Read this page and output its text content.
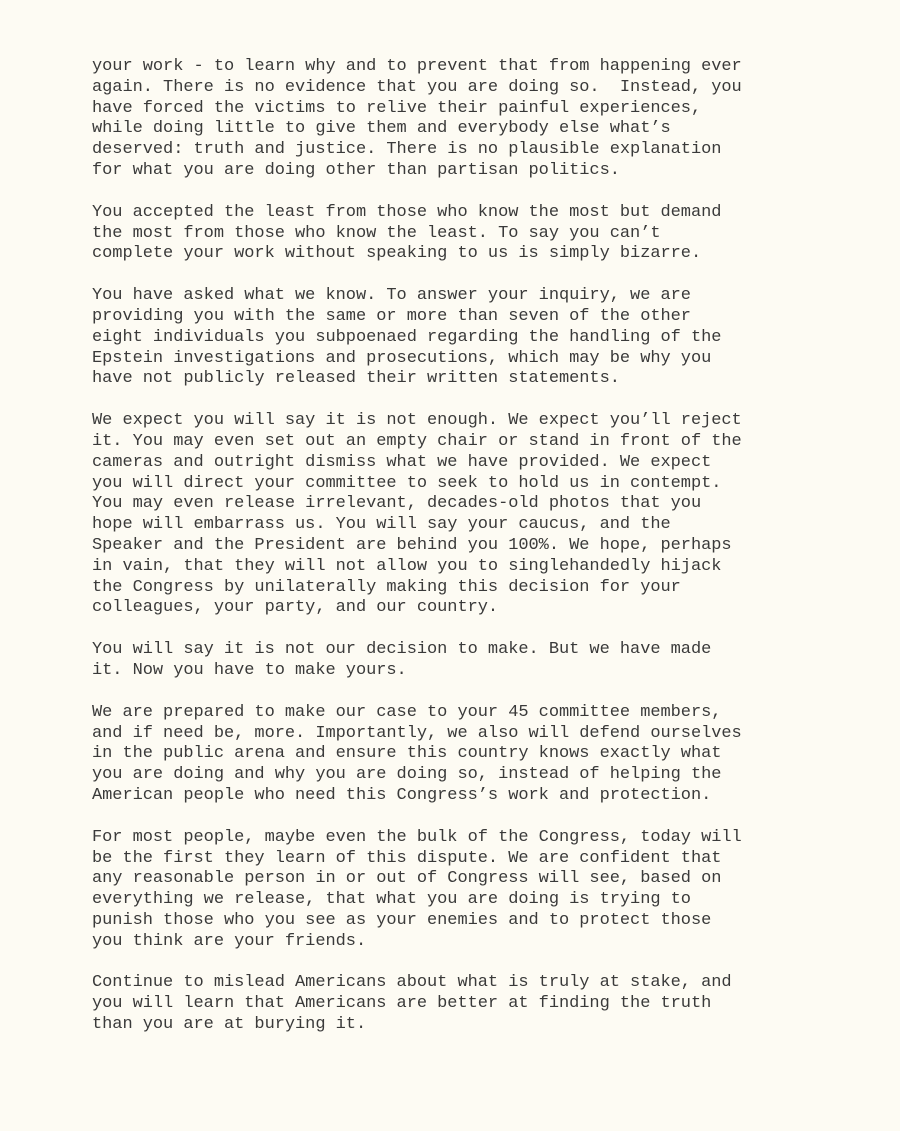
your work - to learn why and to prevent that from happening ever
again. There is no evidence that you are doing so.  Instead, you
have forced the victims to relive their painful experiences,
while doing little to give them and everybody else what’s
deserved: truth and justice. There is no plausible explanation
for what you are doing other than partisan politics.
You accepted the least from those who know the most but demand
the most from those who know the least. To say you can’t
complete your work without speaking to us is simply bizarre.
You have asked what we know. To answer your inquiry, we are
providing you with the same or more than seven of the other
eight individuals you subpoenaed regarding the handling of the
Epstein investigations and prosecutions, which may be why you
have not publicly released their written statements.
We expect you will say it is not enough. We expect you’ll reject
it. You may even set out an empty chair or stand in front of the
cameras and outright dismiss what we have provided. We expect
you will direct your committee to seek to hold us in contempt.
You may even release irrelevant, decades-old photos that you
hope will embarrass us. You will say your caucus, and the
Speaker and the President are behind you 100%. We hope, perhaps
in vain, that they will not allow you to singlehandedly hijack
the Congress by unilaterally making this decision for your
colleagues, your party, and our country.
You will say it is not our decision to make. But we have made
it. Now you have to make yours.
We are prepared to make our case to your 45 committee members,
and if need be, more. Importantly, we also will defend ourselves
in the public arena and ensure this country knows exactly what
you are doing and why you are doing so, instead of helping the
American people who need this Congress’s work and protection.
For most people, maybe even the bulk of the Congress, today will
be the first they learn of this dispute. We are confident that
any reasonable person in or out of Congress will see, based on
everything we release, that what you are doing is trying to
punish those who you see as your enemies and to protect those
you think are your friends.
Continue to mislead Americans about what is truly at stake, and
you will learn that Americans are better at finding the truth
than you are at burying it.
